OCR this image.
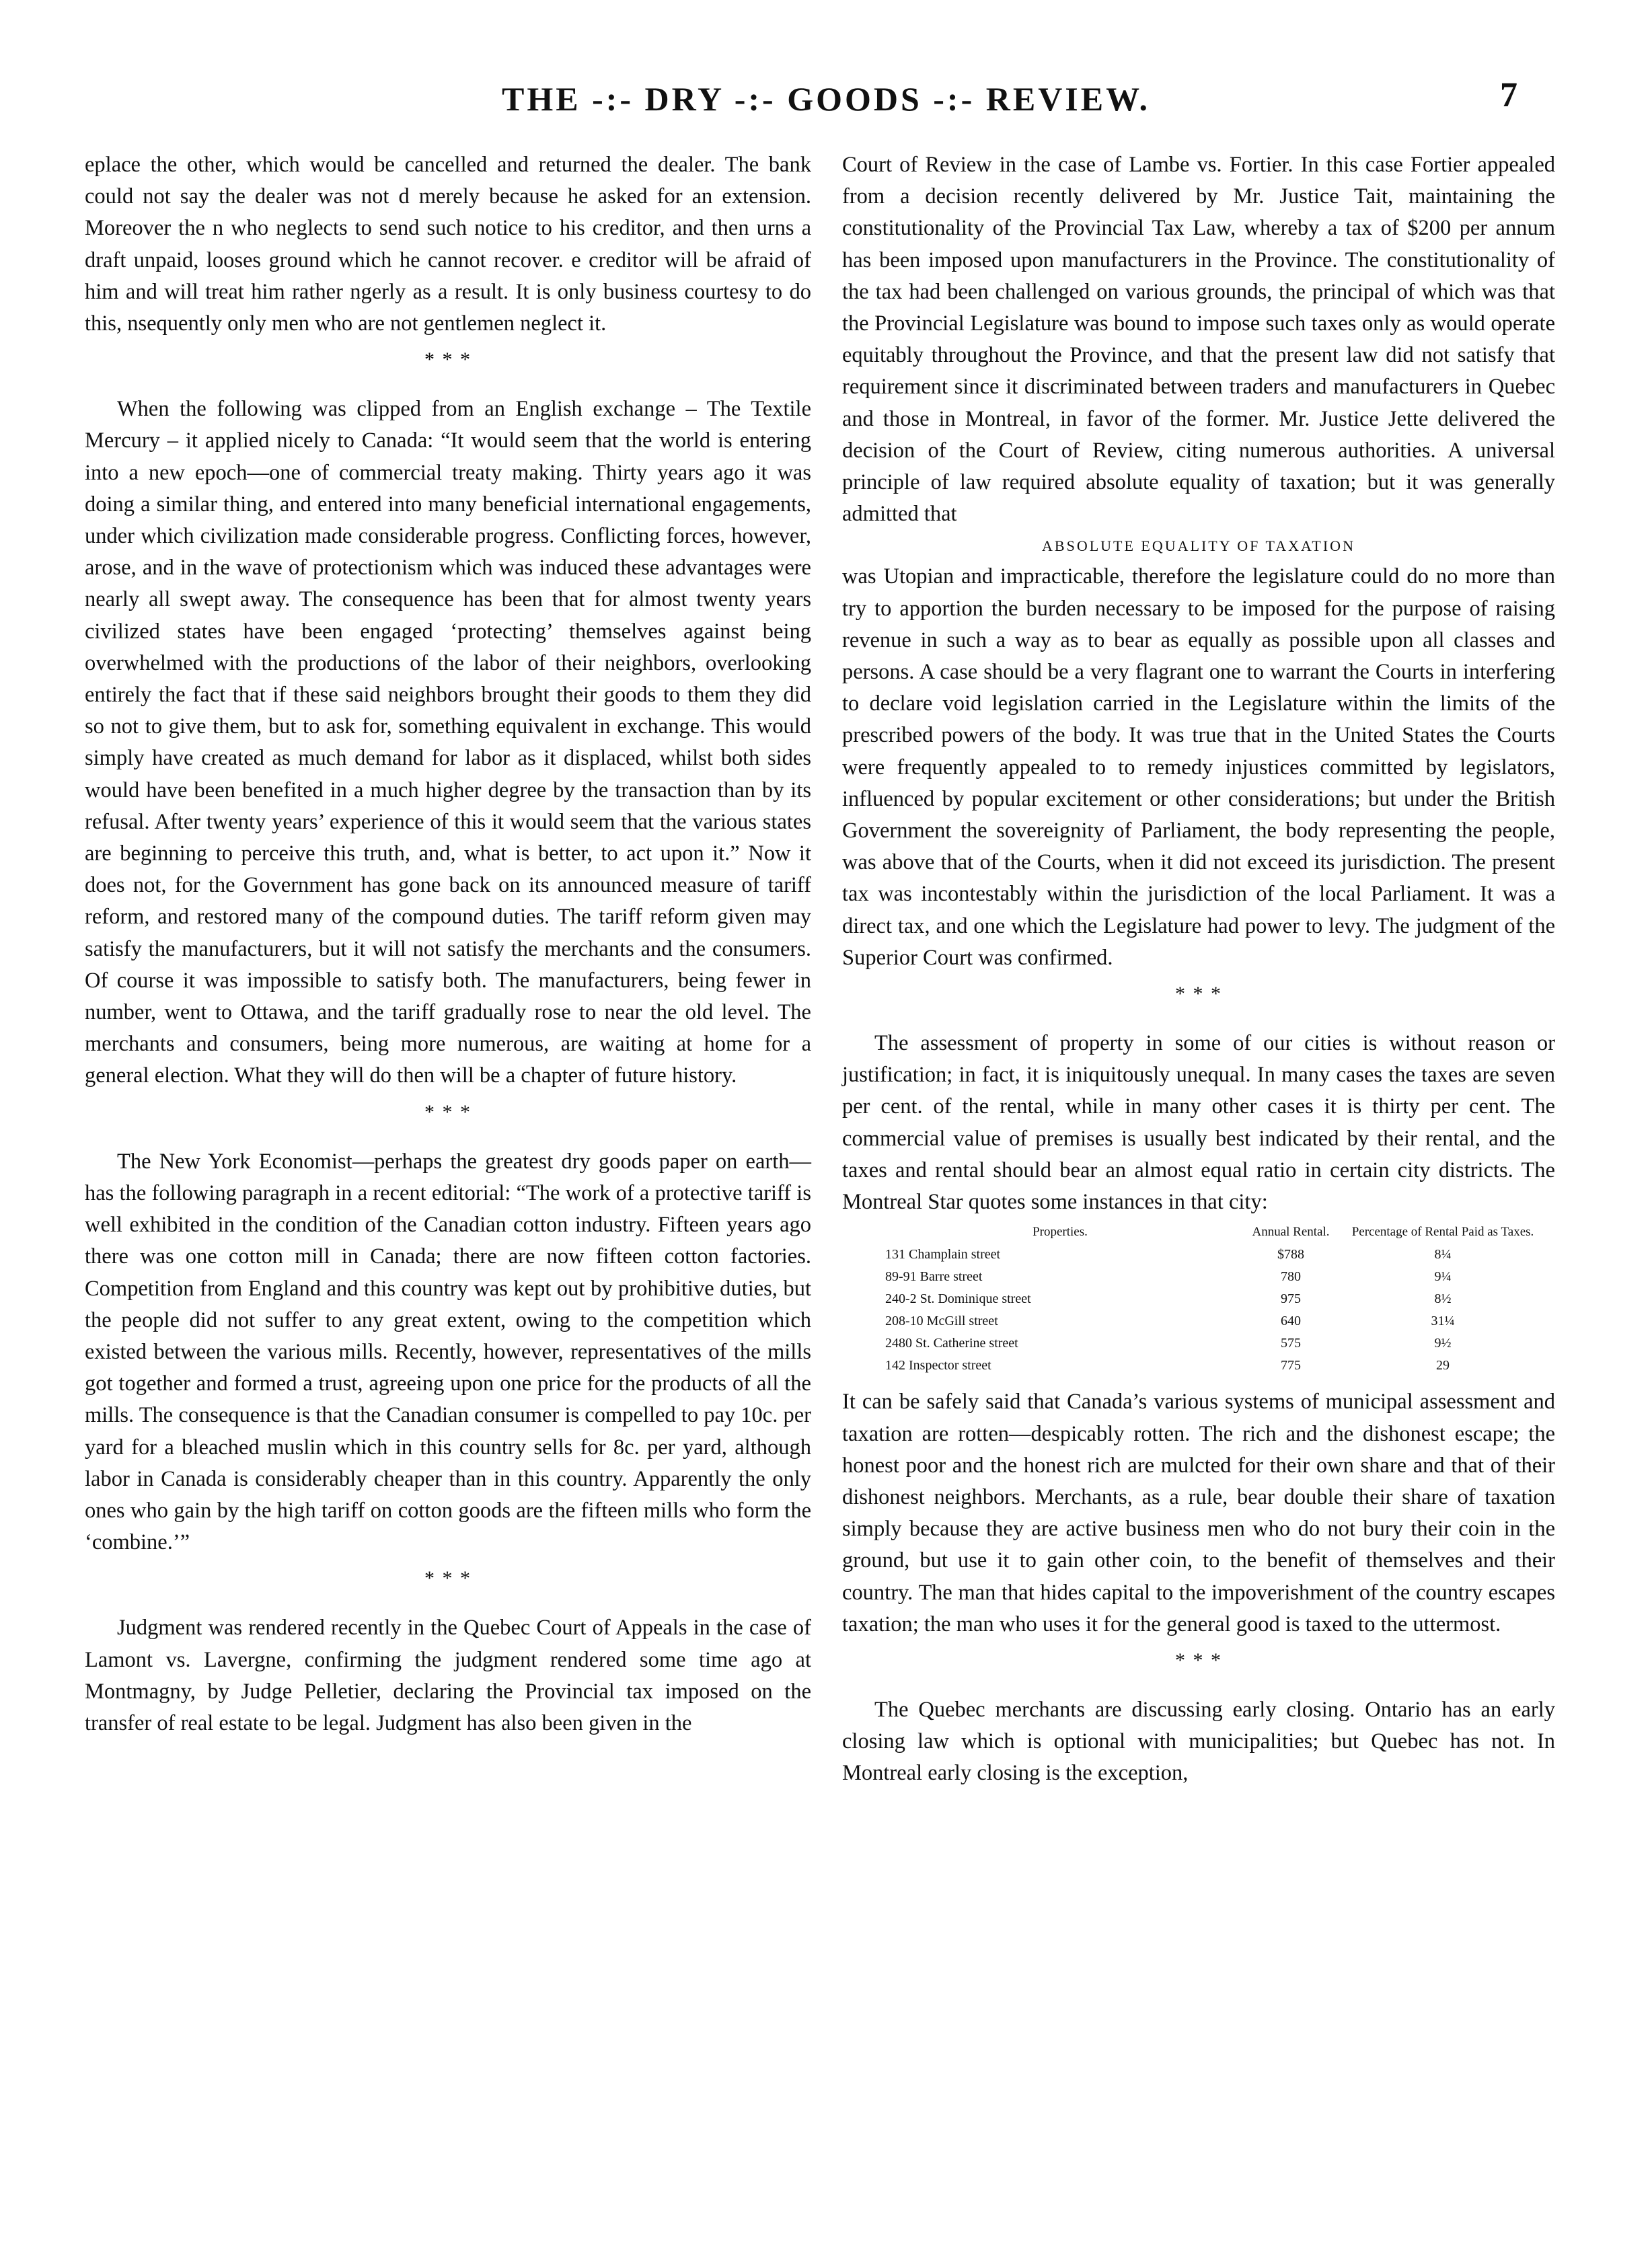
THE -:- DRY -:- GOODS -:- REVIEW.	7

eplace the other, which would be cancelled and returned the dealer. The bank could not say the dealer was not d merely because he asked for an extension. Moreover the n who neglects to send such notice to his creditor, and then urns a draft unpaid, looses ground which he cannot recover. e creditor will be afraid of him and will treat him rather ngerly as a result. It is only business courtesy to do this, nsequently only men who are not gentlemen neglect it.

* * *

When the following was clipped from an English exchange – The Textile Mercury – it applied nicely to Canada: “It would seem that the world is entering into a new epoch—one of commercial treaty making. Thirty years ago it was doing a similar thing, and entered into many beneficial international engagements, under which civilization made considerable progress. Conflicting forces, however, arose, and in the wave of protectionism which was induced these advantages were nearly all swept away. The consequence has been that for almost twenty years civilized states have been engaged ‘protecting’ themselves against being overwhelmed with the productions of the labor of their neighbors, overlooking entirely the fact that if these said neighbors brought their goods to them they did so not to give them, but to ask for, something equivalent in exchange. This would simply have created as much demand for labor as it displaced, whilst both sides would have been benefited in a much higher degree by the transaction than by its refusal. After twenty years’ experience of this it would seem that the various states are beginning to perceive this truth, and, what is better, to act upon it.” Now it does not, for the Government has gone back on its announced measure of tariff reform, and restored many of the compound duties. The tariff reform given may satisfy the manufacturers, but it will not satisfy the merchants and the consumers. Of course it was impossible to satisfy both. The manufacturers, being fewer in number, went to Ottawa, and the tariff gradually rose to near the old level. The merchants and consumers, being more numerous, are waiting at home for a general election. What they will do then will be a chapter of future history.

* * *

The New York Economist—perhaps the greatest dry goods paper on earth—has the following paragraph in a recent editorial: “The work of a protective tariff is well exhibited in the condition of the Canadian cotton industry. Fifteen years ago there was one cotton mill in Canada; there are now fifteen cotton factories. Competition from England and this country was kept out by prohibitive duties, but the people did not suffer to any great extent, owing to the competition which existed between the various mills. Recently, however, representatives of the mills got together and formed a trust, agreeing upon one price for the products of all the mills. The consequence is that the Canadian consumer is compelled to pay 10c. per yard for a bleached muslin which in this country sells for 8c. per yard, although labor in Canada is considerably cheaper than in this country. Apparently the only ones who gain by the high tariff on cotton goods are the fifteen mills who form the ‘combine.’”

* * *

Judgment was rendered recently in the Quebec Court of Appeals in the case of Lamont vs. Lavergne, confirming the judgment rendered some time ago at Montmagny, by Judge Pelletier, declaring the Provincial tax imposed on the transfer of real estate to be legal. Judgment has also been given in the

Court of Review in the case of Lambe vs. Fortier. In this case Fortier appealed from a decision recently delivered by Mr. Justice Tait, maintaining the constitutionality of the Provincial Tax Law, whereby a tax of $200 per annum has been imposed upon manufacturers in the Province. The constitutionality of the tax had been challenged on various grounds, the principal of which was that the Provincial Legislature was bound to impose such taxes only as would operate equitably throughout the Province, and that the present law did not satisfy that requirement since it discriminated between traders and manufacturers in Quebec and those in Montreal, in favor of the former. Mr. Justice Jette delivered the decision of the Court of Review, citing numerous authorities. A universal principle of law required absolute equality of taxation; but it was generally admitted that

ABSOLUTE EQUALITY OF TAXATION

was Utopian and impracticable, therefore the legislature could do no more than try to apportion the burden necessary to be imposed for the purpose of raising revenue in such a way as to bear as equally as possible upon all classes and persons. A case should be a very flagrant one to warrant the Courts in interfering to declare void legislation carried in the Legislature within the limits of the prescribed powers of the body. It was true that in the United States the Courts were frequently appealed to to remedy injustices committed by legislators, influenced by popular excitement or other considerations; but under the British Government the sovereignity of Parliament, the body representing the people, was above that of the Courts, when it did not exceed its jurisdiction. The present tax was incontestably within the jurisdiction of the local Parliament. It was a direct tax, and one which the Legislature had power to levy. The judgment of the Superior Court was confirmed.

* * *

The assessment of property in some of our cities is without reason or justification; in fact, it is iniquitously unequal. In many cases the taxes are seven per cent. of the rental, while in many other cases it is thirty per cent. The commercial value of premises is usually best indicated by their rental, and the taxes and rental should bear an almost equal ratio in certain city districts. The Montreal Star quotes some instances in that city:

Properties.	Annual Rental.	Percentage of Rental Paid as Taxes.
131 Champlain street	$788	8¼
89-91 Barre street	780	9¼
240-2 St. Dominique street	975	8½
208-10 McGill street	640	31¼
2480 St. Catherine street	575	9½
142 Inspector street	775	29

It can be safely said that Canada’s various systems of municipal assessment and taxation are rotten—despicably rotten. The rich and the dishonest escape; the honest poor and the honest rich are mulcted for their own share and that of their dishonest neighbors. Merchants, as a rule, bear double their share of taxation simply because they are active business men who do not bury their coin in the ground, but use it to gain other coin, to the benefit of themselves and their country. The man that hides capital to the impoverishment of the country escapes taxation; the man who uses it for the general good is taxed to the uttermost.

* * *

The Quebec merchants are discussing early closing. Ontario has an early closing law which is optional with municipalities; but Quebec has not. In Montreal early closing is the exception,
